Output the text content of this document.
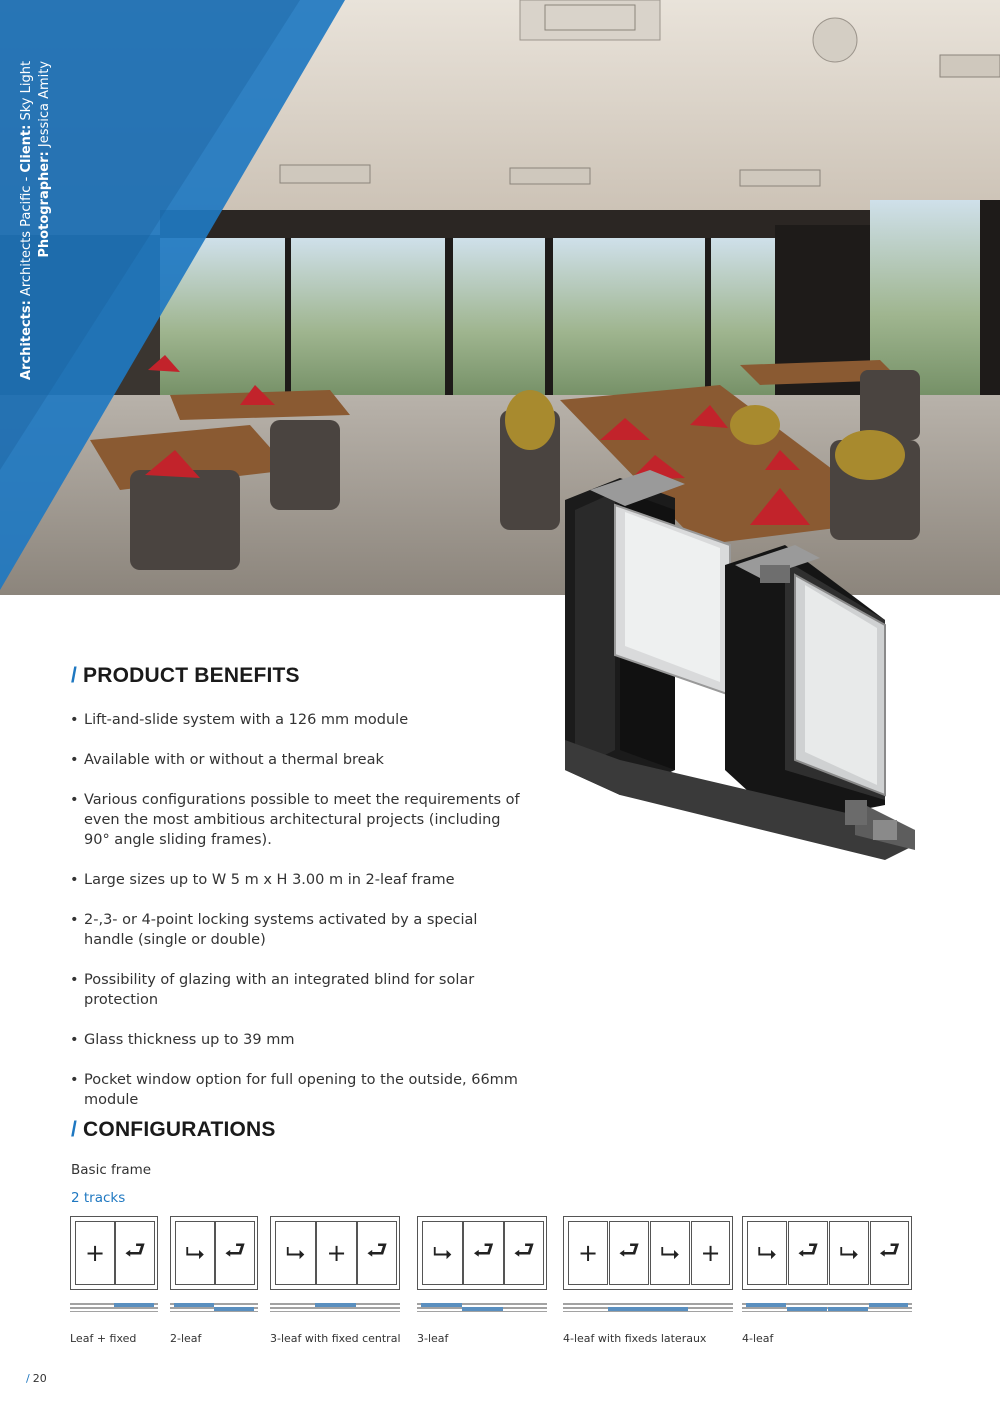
Architects: Architects Pacific - Client: Sky Light
Photographer: Jessica Amity
/ PRODUCT BENEFITS
• Lift-and-slide system with a 126 mm module
• Available with or without a thermal break
• Various configurations possible to meet the requirements of even the most ambitious architectural projects (including 90° angle sliding frames).
• Large sizes up to W 5 m x H 3.00 m in 2-leaf frame
• 2-,3- or 4-point locking systems activated by a special handle (single or double)
• Possibility of glazing with an integrated blind for solar protection
• Glass thickness up to 39 mm
• Pocket window option for full opening to the outside, 66mm module
/ CONFIGURATIONS
Basic frame
2 tracks
+ ⮐
Leaf + fixed
⮡ ⮐
2-leaf
⮡ + ⮐
3-leaf with fixed central
⮡ ⮐ ⮐
3-leaf
+ ⮐ ⮡ +
4-leaf with fixeds lateraux
⮡ ⮐ ⮡ ⮐
4-leaf
/ 20
